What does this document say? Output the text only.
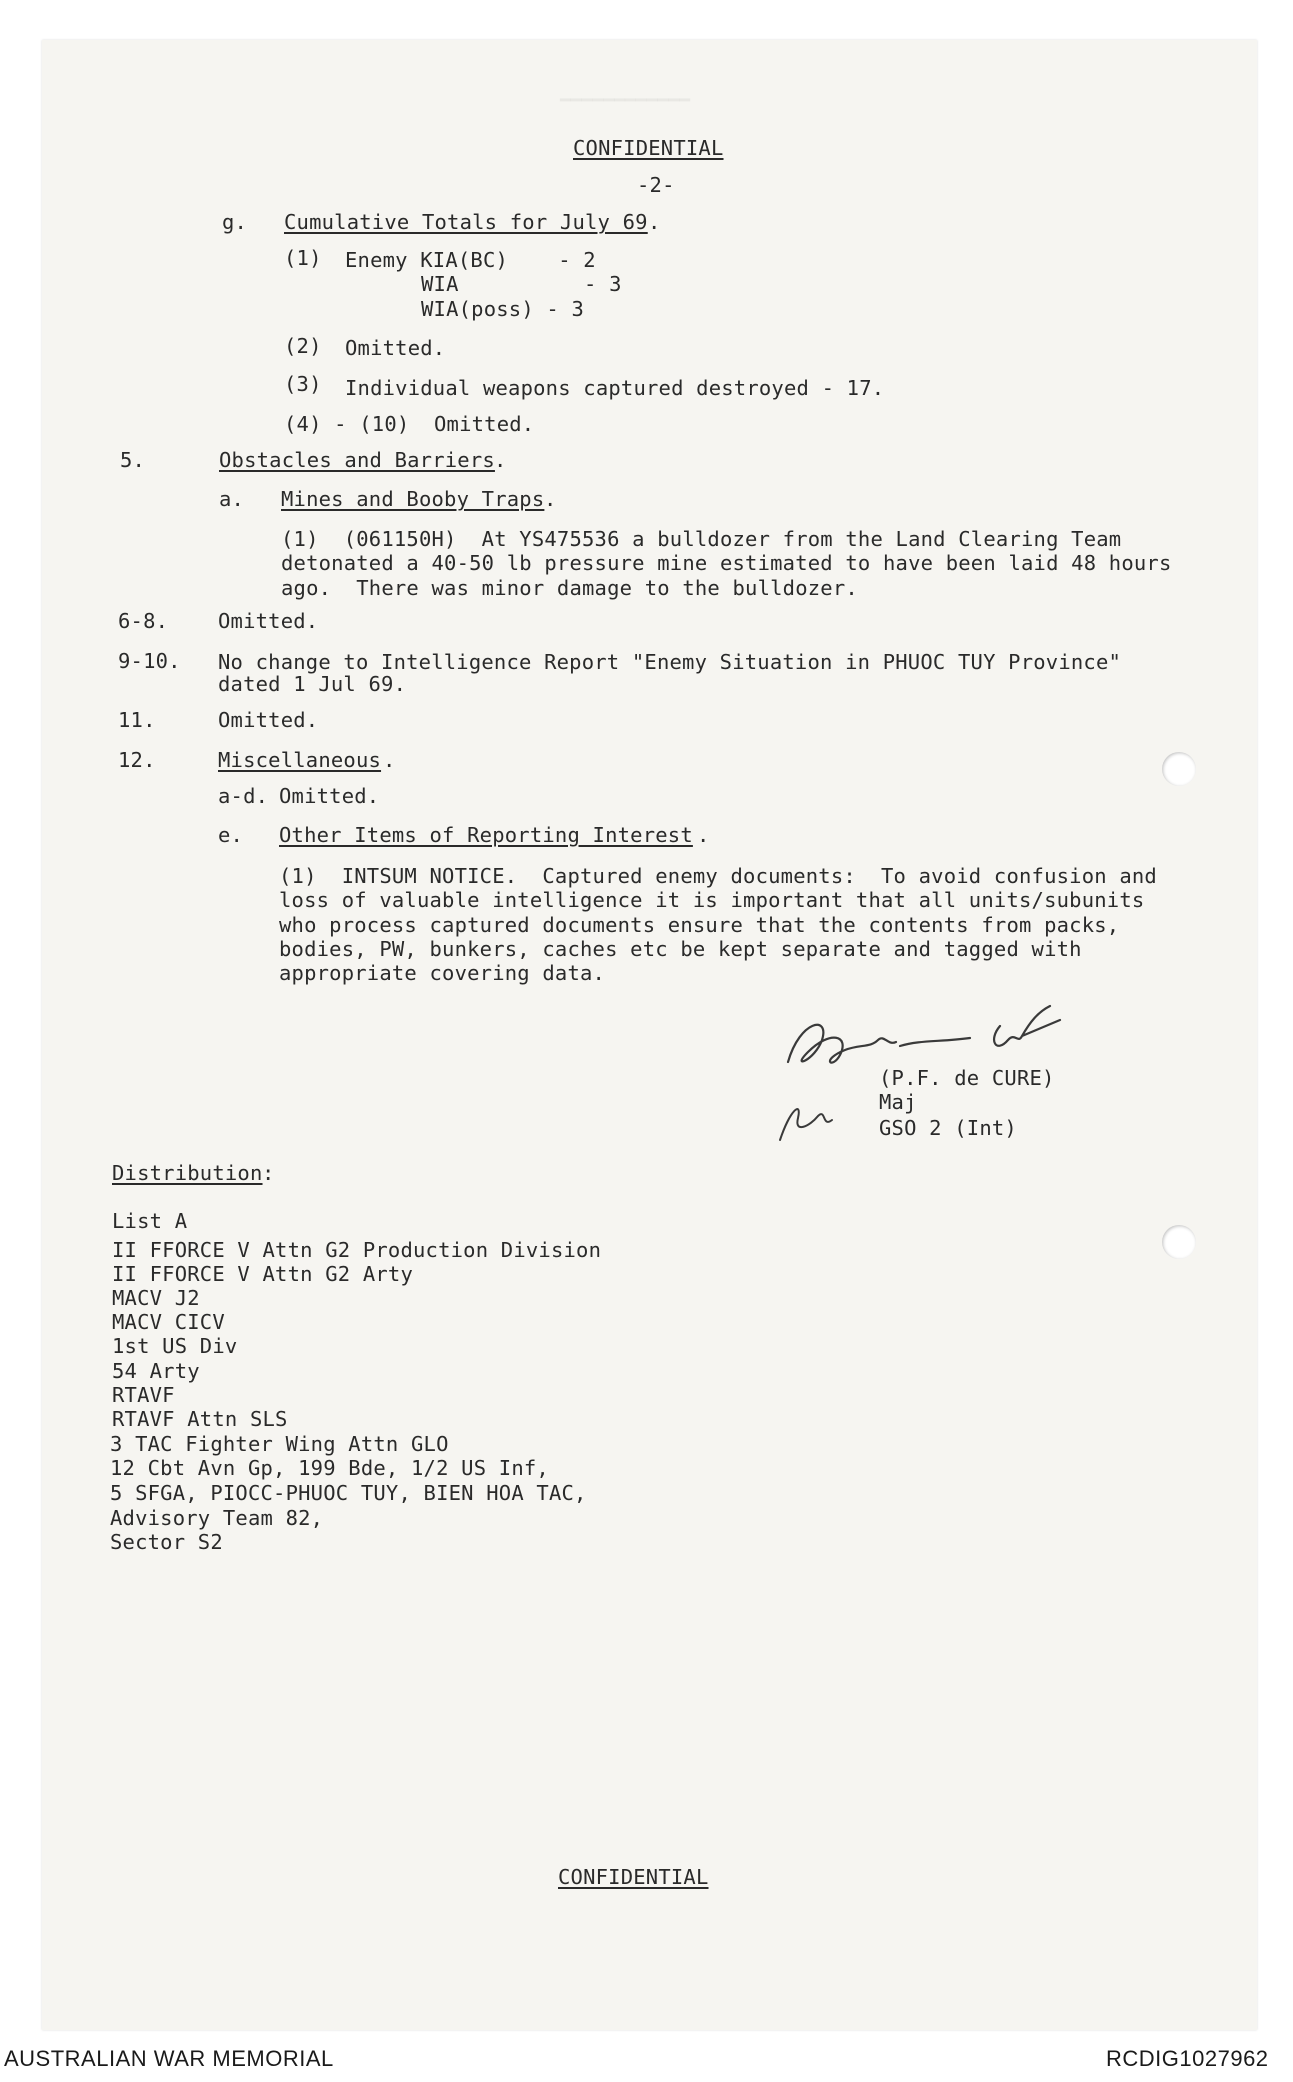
━━━━━━━━━━━━
CONFIDENTIAL
-2-
g. Cumulative Totals for July 69 .
(1) Enemy KIA(BC)    - 2
WIA          - 3
WIA(poss) - 3
(2) Omitted.
(3) Individual weapons captured destroyed - 17.
(4) - (10) Omitted.
5.	Obstacles and Barriers .
a. Mines and Booby Traps .
(1)  (061150H)  At YS475536 a bulldozer from the Land Clearing Team
detonated a 40-50 lb pressure mine estimated to have been laid 48 hours
ago.  There was minor damage to the bulldozer.
6-8. Omitted.
9-10. No change to Intelligence Report "Enemy Situation in PHUOC TUY Province"
dated 1 Jul 69.
11.	Omitted.
12.	Miscellaneous .
a-d. Omitted.
e. Other Items of Reporting Interest .
(1)  INTSUM NOTICE.  Captured enemy documents:  To avoid confusion and
loss of valuable intelligence it is important that all units/subunits
who process captured documents ensure that the contents from packs,
bodies, PW, bunkers, caches etc be kept separate and tagged with
appropriate covering data.
(P.F. de CURE)
Maj
GSO 2 (Int)
Distribution :
List A
II FFORCE V Attn G2 Production Division
II FFORCE V Attn G2 Arty
MACV J2
MACV CICV
1st US Div
54 Arty
RTAVF
RTAVF Attn SLS
3 TAC Fighter Wing Attn GLO
12 Cbt Avn Gp, 199 Bde, 1/2 US Inf,
5 SFGA, PIOCC-PHUOC TUY, BIEN HOA TAC,
Advisory Team 82,
Sector S2
CONFIDENTIAL
AUSTRALIAN WAR MEMORIAL	RCDIG1027962
